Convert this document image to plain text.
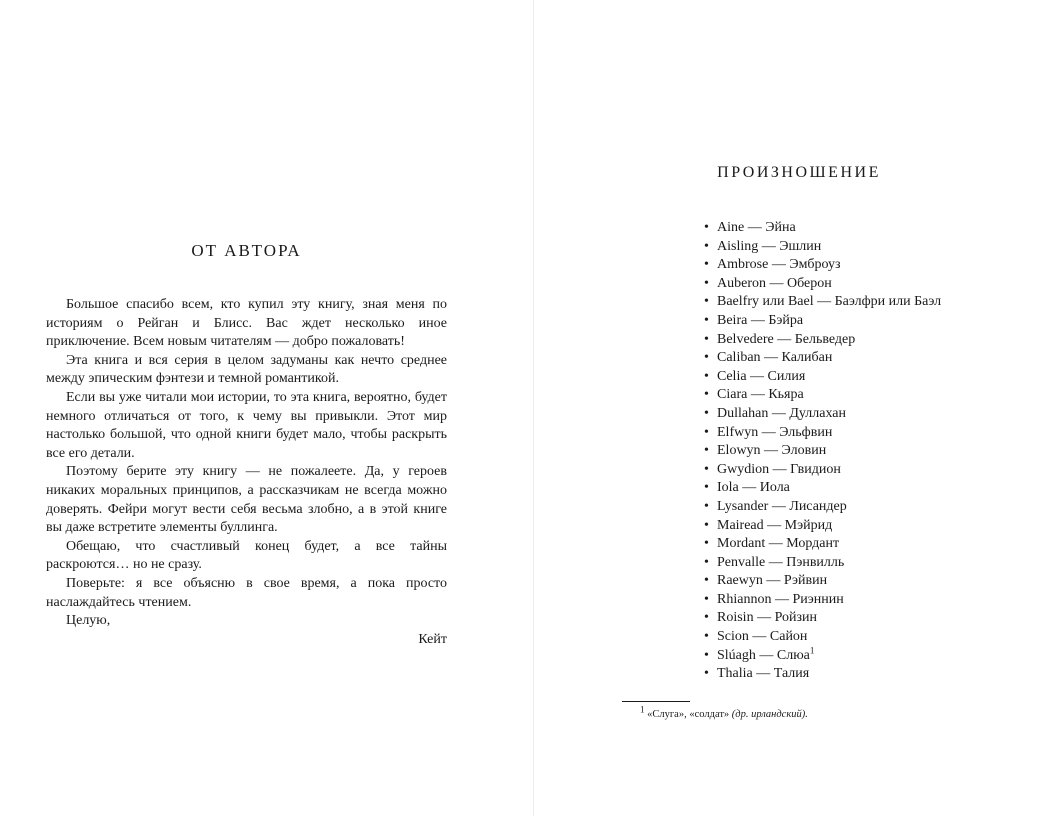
ОТ АВТОРА

Большое спасибо всем, кто купил эту книгу, зная меня по историям о Рейган и Блисс. Вас ждет несколько иное приключение. Всем новым читателям — добро пожаловать!

Эта книга и вся серия в целом задуманы как нечто среднее между эпическим фэнтези и темной романтикой.

Если вы уже читали мои истории, то эта книга, вероятно, будет немного отличаться от того, к чему вы привыкли. Этот мир настолько большой, что одной книги будет мало, чтобы раскрыть все его детали.

Поэтому берите эту книгу — не пожалеете. Да, у героев никаких моральных принципов, а рассказчикам не всегда можно доверять. Фейри могут вести себя весьма злобно, а в этой книге вы даже встретите элементы буллинга.

Обещаю, что счастливый конец будет, а все тайны раскроются… но не сразу.

Поверьте: я все объясню в свое время, а пока просто наслаждайтесь чтением.

Целую,

Кейт

ПРОИЗНОШЕНИЕ
• Aine — Эйна
• Aisling — Эшлин
• Ambrose — Эмброуз
• Auberon — Оберон
• Baelfry или Bael — Баэлфри или Баэл
• Beira — Бэйра
• Belvedere — Бельведер
• Caliban — Калибан
• Celia — Силия
• Ciara — Кьяра
• Dullahan — Дуллахан
• Elfwyn — Эльфвин
• Elowyn — Эловин
• Gwydion — Гвидион
• Iola — Иола
• Lysander — Лисандер
• Mairead — Мэйрид
• Mordant — Мордант
• Penvalle — Пэнвилль
• Raewyn — Рэйвин
• Rhiannon — Риэннин
• Roisin — Ройзин
• Scion — Сайон
• Slúagh — Слюа$^1$
• Thalia — Талия
$^1$ «Слуга», «солдат» (др. ирландский).
